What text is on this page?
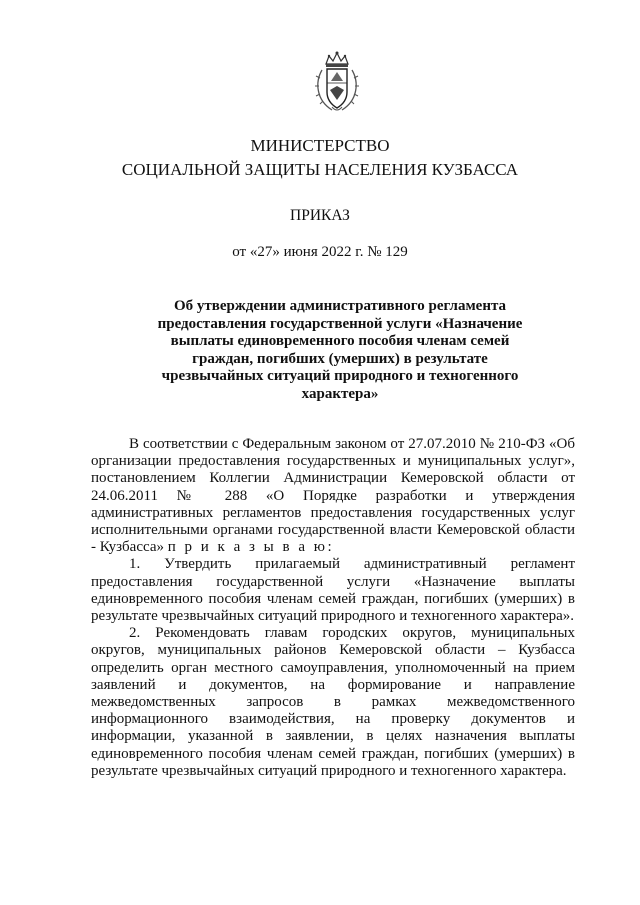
МИНИСТЕРСТВО
СОЦИАЛЬНОЙ ЗАЩИТЫ НАСЕЛЕНИЯ КУЗБАССА
ПРИКАЗ
от «27» июня 2022 г. № 129
Об утверждении административного регламента
предоставления государственной услуги «Назначение
выплаты единовременного пособия членам семей
граждан, погибших (умерших) в результате
чрезвычайных ситуаций природного и техногенного
характера»

В соответствии с Федеральным законом от 27.07.2010 № 210-ФЗ «Об организации предоставления государственных и муниципальных услуг», постановлением Коллегии Администрации Кемеровской области от 24.06.2011 № 288 «О Порядке разработки и утверждения административных регламентов предоставления государственных услуг исполнительными органами государственной власти Кемеровской области - Кузбасса» п р и к а з ы в а ю:

1. Утвердить прилагаемый административный регламент предоставления государственной услуги «Назначение выплаты единовременного пособия членам семей граждан, погибших (умерших) в результате чрезвычайных ситуаций природного и техногенного характера».

2. Рекомендовать главам городских округов, муниципальных округов, муниципальных районов Кемеровской области – Кузбасса определить орган местного самоуправления, уполномоченный на прием заявлений и документов, на формирование и направление межведомственных запросов в рамках межведомственного информационного взаимодействия, на проверку документов и информации, указанной в заявлении, в целях назначения выплаты единовременного пособия членам семей граждан, погибших (умерших) в результате чрезвычайных ситуаций природного и техногенного характера.
